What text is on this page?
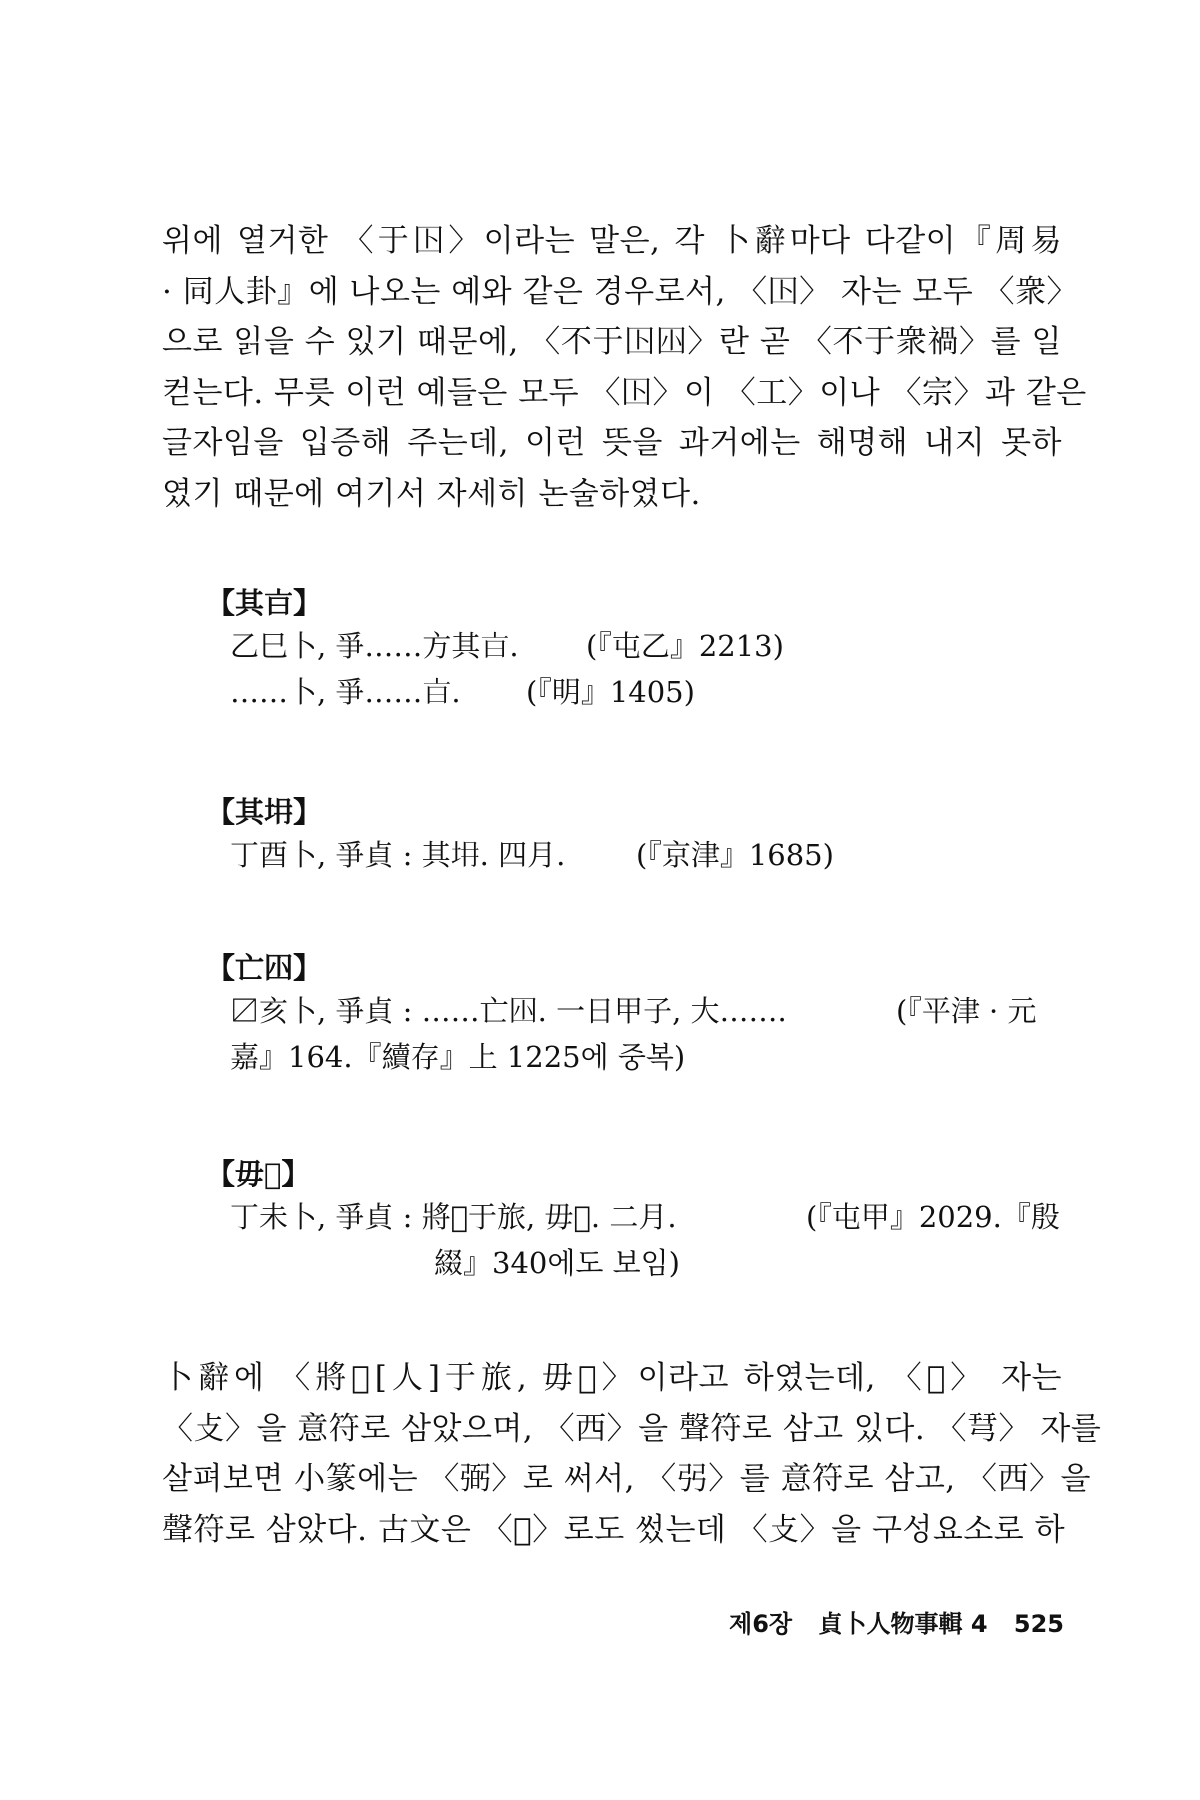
위에 열거한 〈于𡆥〉이라는 말은, 각 卜辭마다 다같이『周易
· 同人卦』에 나오는 예와 같은 경우로서, 〈𡆥〉 자는 모두 〈衆〉
으로 읽을 수 있기 때문에, 〈不于𡆥𡆧〉란 곧 〈不于衆禍〉를 일
컫는다. 무릇 이런 예들은 모두 〈𡆥〉이 〈工〉이나 〈宗〉과 같은
글자임을 입증해 주는데, 이런 뜻을 과거에는 해명해 내지 못하
였기 때문에 여기서 자세히 논술하였다.
【其𣅀】
乙巳卜, 爭……方其𣅀. (『屯乙』2213)
……卜, 爭……𣅀. (『明』1405)
【其𡉱】
丁酉卜, 爭貞 : 其𡉱. 四月. (『京津』1685)
【亡𡆧】
〼亥卜, 爭貞 : ……亡𡆧. 一日甲子, 大…….	(『平津 · 元
嘉』164.『續存』上 1225에 중복)
【毋𢼸】
丁未卜, 爭貞 : 將𡠾于旅, 毋𢼸. 二月.	(『屯甲』2029.『殷
綴』340에도 보임)
卜辭에 〈將𡠾[人]于旅, 毋𢼸〉이라고 하였는데, 〈𢼸〉 자는
〈攴〉을 意符로 삼았으며, 〈西〉을 聲符로 삼고 있다. 〈𢏗〉 자를
살펴보면 小篆에는 〈弼〉로 써서, 〈弜〉를 意符로 삼고, 〈西〉을
聲符로 삼았다. 古文은 〈𢼸〉로도 썼는데 〈攴〉을 구성요소로 하
제6장 貞卜人物事輯 4 525
